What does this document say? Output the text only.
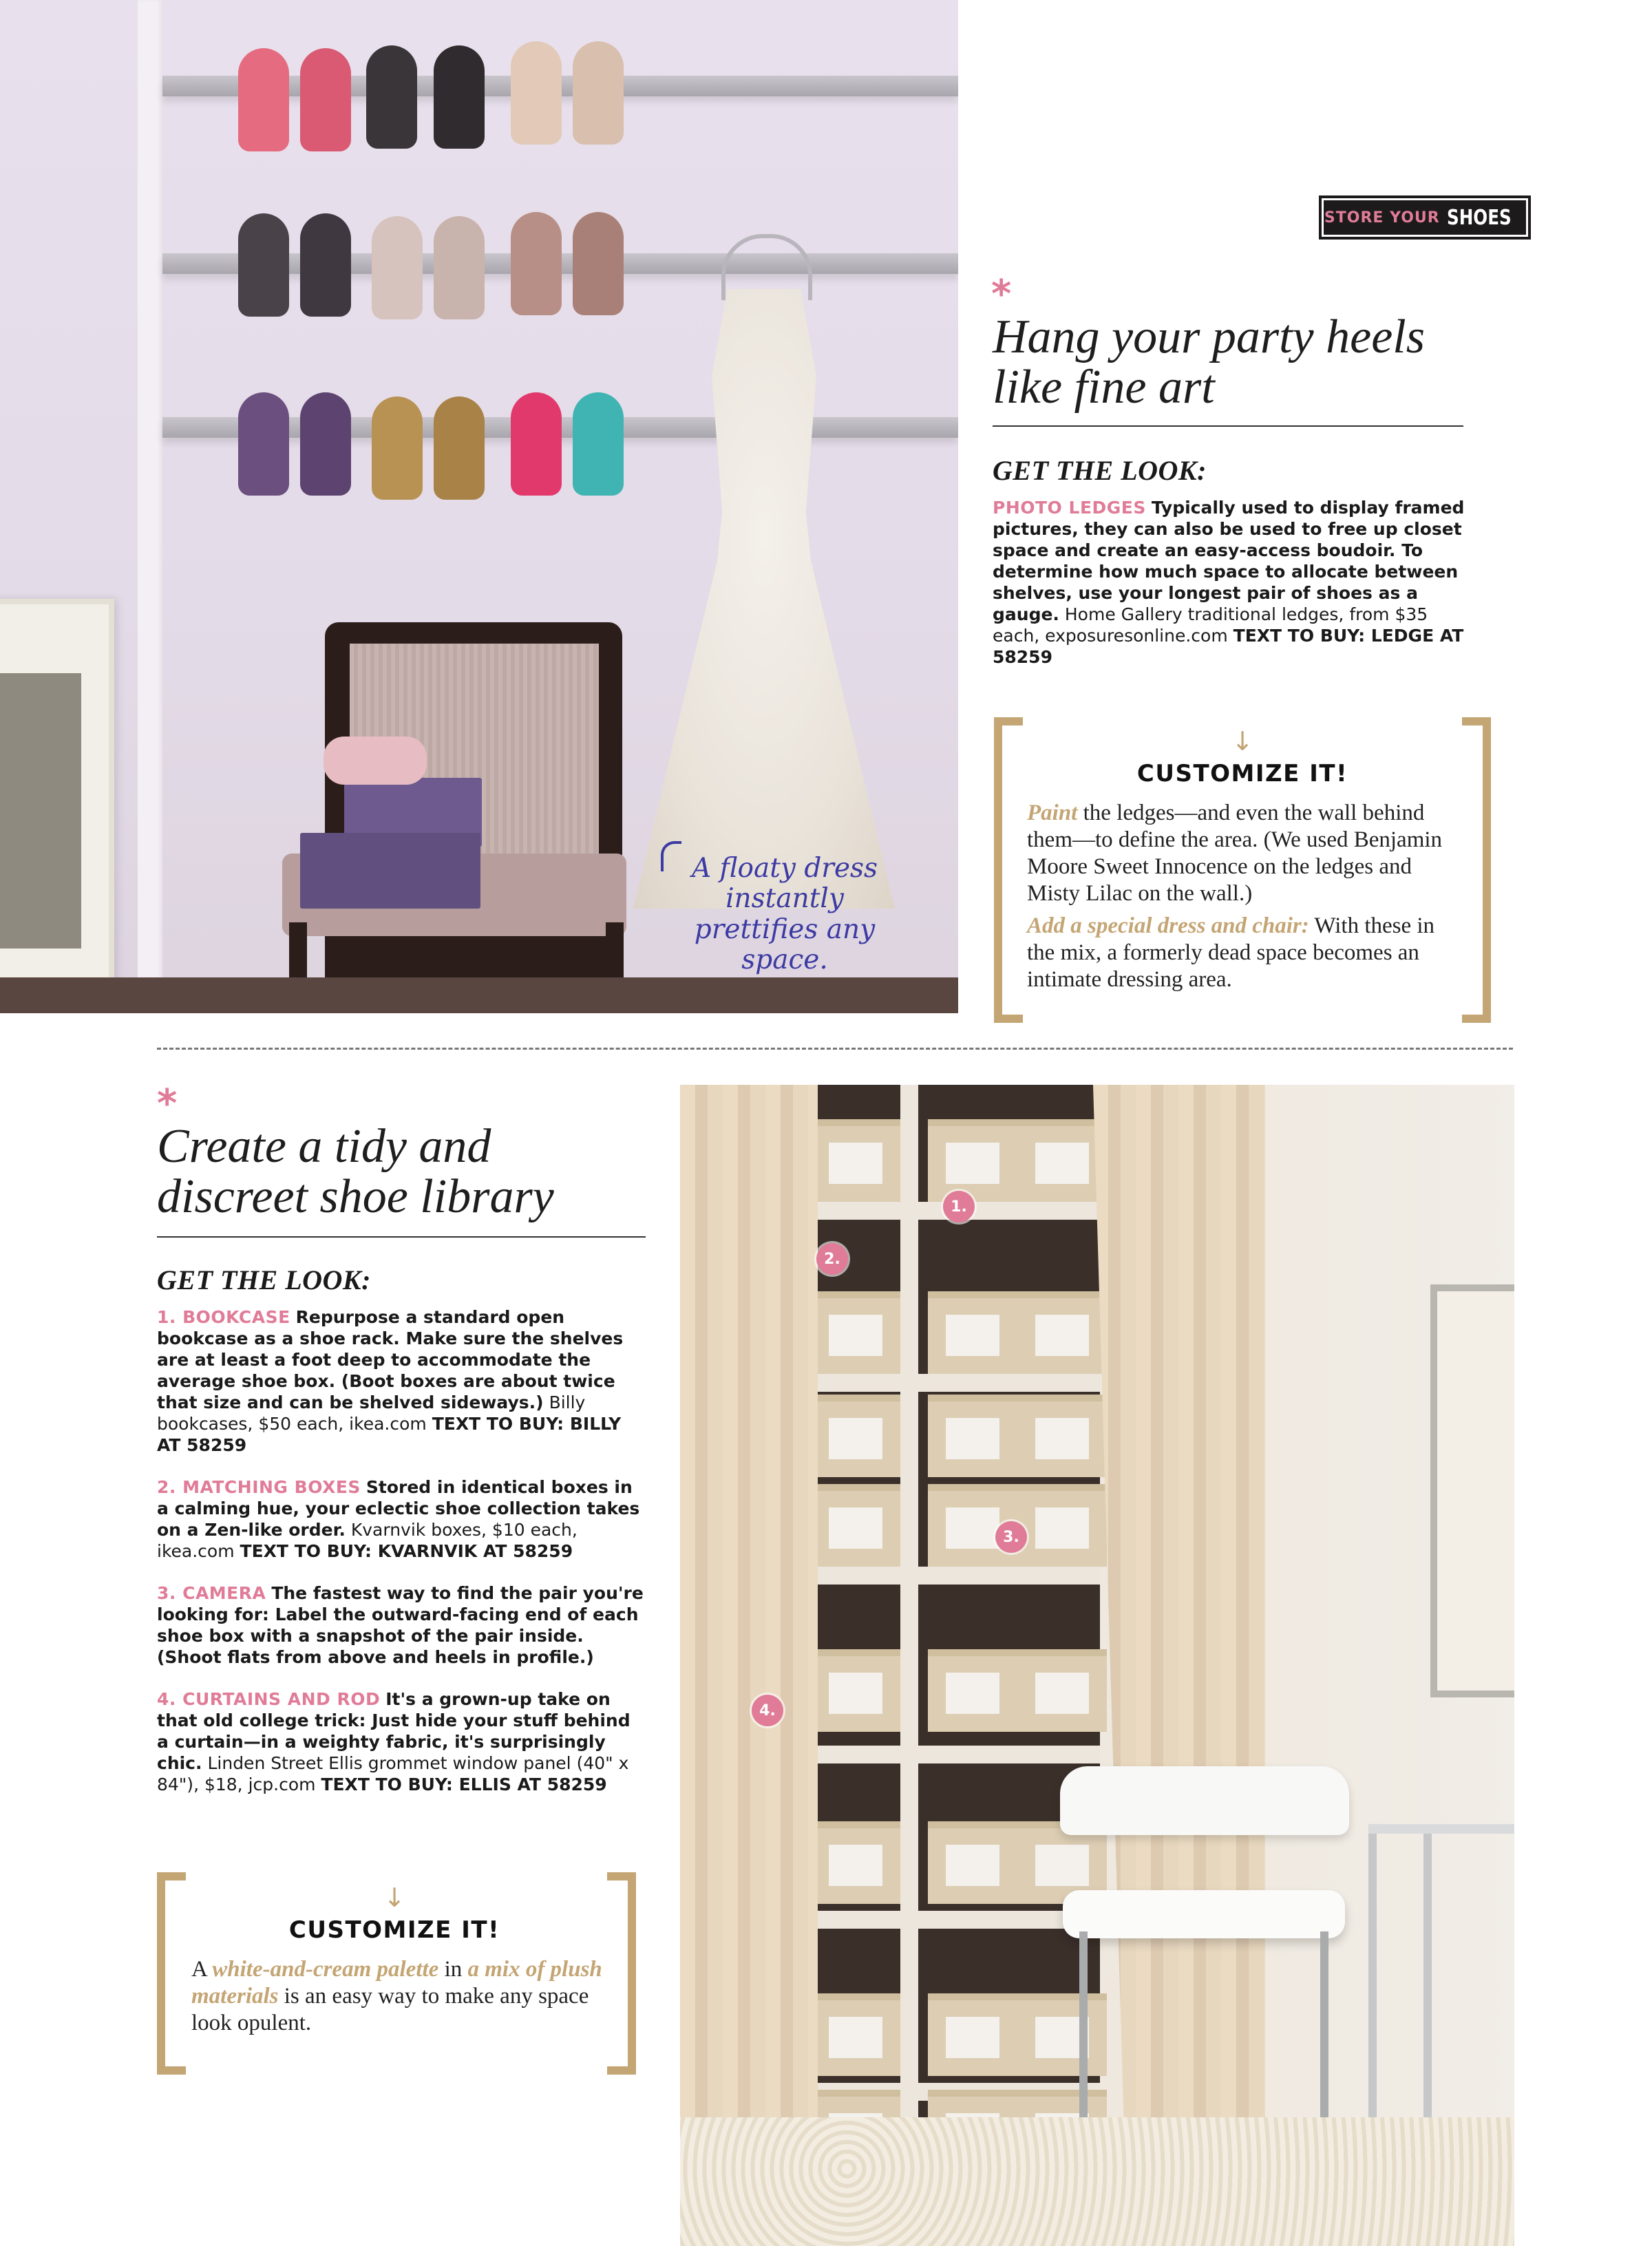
A floaty dress instantly prettifies any space.
STORE YOUR SHOES
*
Hang your party heels
like fine art
GET THE LOOK:
PHOTO LEDGES Typically used to display framed pictures, they can also be used to free up closet space and create an easy-access boudoir. To determine how much space to allocate between shelves, use your longest pair of shoes as a gauge. Home Gallery traditional ledges, from $35 each, exposuresonline.com TEXT TO BUY: LEDGE AT 58259
↓
CUSTOMIZE IT!
Paint the ledges—and even the wall behind them—to define the area. (We used Benjamin Moore Sweet Innocence on the ledges and Misty Lilac on the wall.)
Add a special dress and chair: With these in the mix, a formerly dead space becomes an intimate dressing area.
*
Create a tidy and
discreet shoe library
GET THE LOOK:
1. BOOKCASE Repurpose a standard open bookcase as a shoe rack. Make sure the shelves are at least a foot deep to accommodate the average shoe box. (Boot boxes are about twice that size and can be shelved sideways.) Billy bookcases, $50 each, ikea.com TEXT TO BUY: BILLY AT 58259
2. MATCHING BOXES Stored in identical boxes in a calming hue, your eclectic shoe collection takes on a Zen-like order. Kvarnvik boxes, $10 each, ikea.com TEXT TO BUY: KVARNVIK AT 58259
3. CAMERA The fastest way to find the pair you're looking for: Label the outward-facing end of each shoe box with a snapshot of the pair inside. (Shoot flats from above and heels in profile.)
4. CURTAINS AND ROD It's a grown-up take on that old college trick: Just hide your stuff behind a curtain—in a weighty fabric, it's surprisingly chic. Linden Street Ellis grommet window panel (40" x 84"), $18, jcp.com TEXT TO BUY: ELLIS AT 58259
↓
CUSTOMIZE IT!
A white-and-cream palette in a mix of plush materials is an easy way to make any space look opulent.
1.
2.
3.
4.
